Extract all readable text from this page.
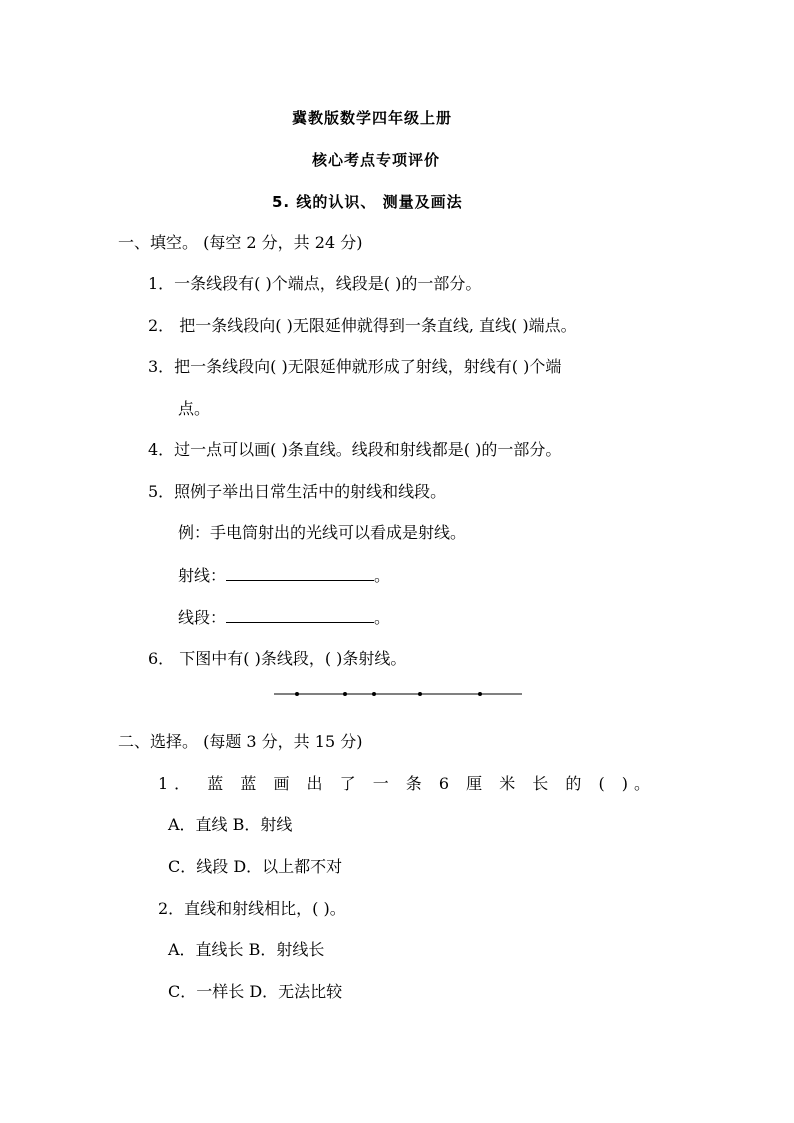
冀教版数学四年级上册
核心考点专项评价
5. 线的认识、 测量及画法
一、填空。 (每空 2 分，共 24 分)
1．一条线段有( )个端点，线段是( )的一部分。
2． 把一条线段向( )无限延伸就得到一条直线, 直线( )端点。
3．把一条线段向( )无限延伸就形成了射线，射线有( )个端
点。
4．过一点可以画( )条直线。线段和射线都是( )的一部分。
5．照例子举出日常生活中的射线和线段。
例：手电筒射出的光线可以看成是射线。
射线：	。
线段：	。
6． 下图中有( )条线段，( )条射线。
二、选择。 (每题 3 分，共 15 分)
1． 蓝 蓝 画 出 了 一 条 6 厘 米 长 的 ( )。
A．直线 B．射线
C．线段 D．以上都不对
2．直线和射线相比，( )。
A．直线长 B．射线长
C．一样长 D．无法比较
